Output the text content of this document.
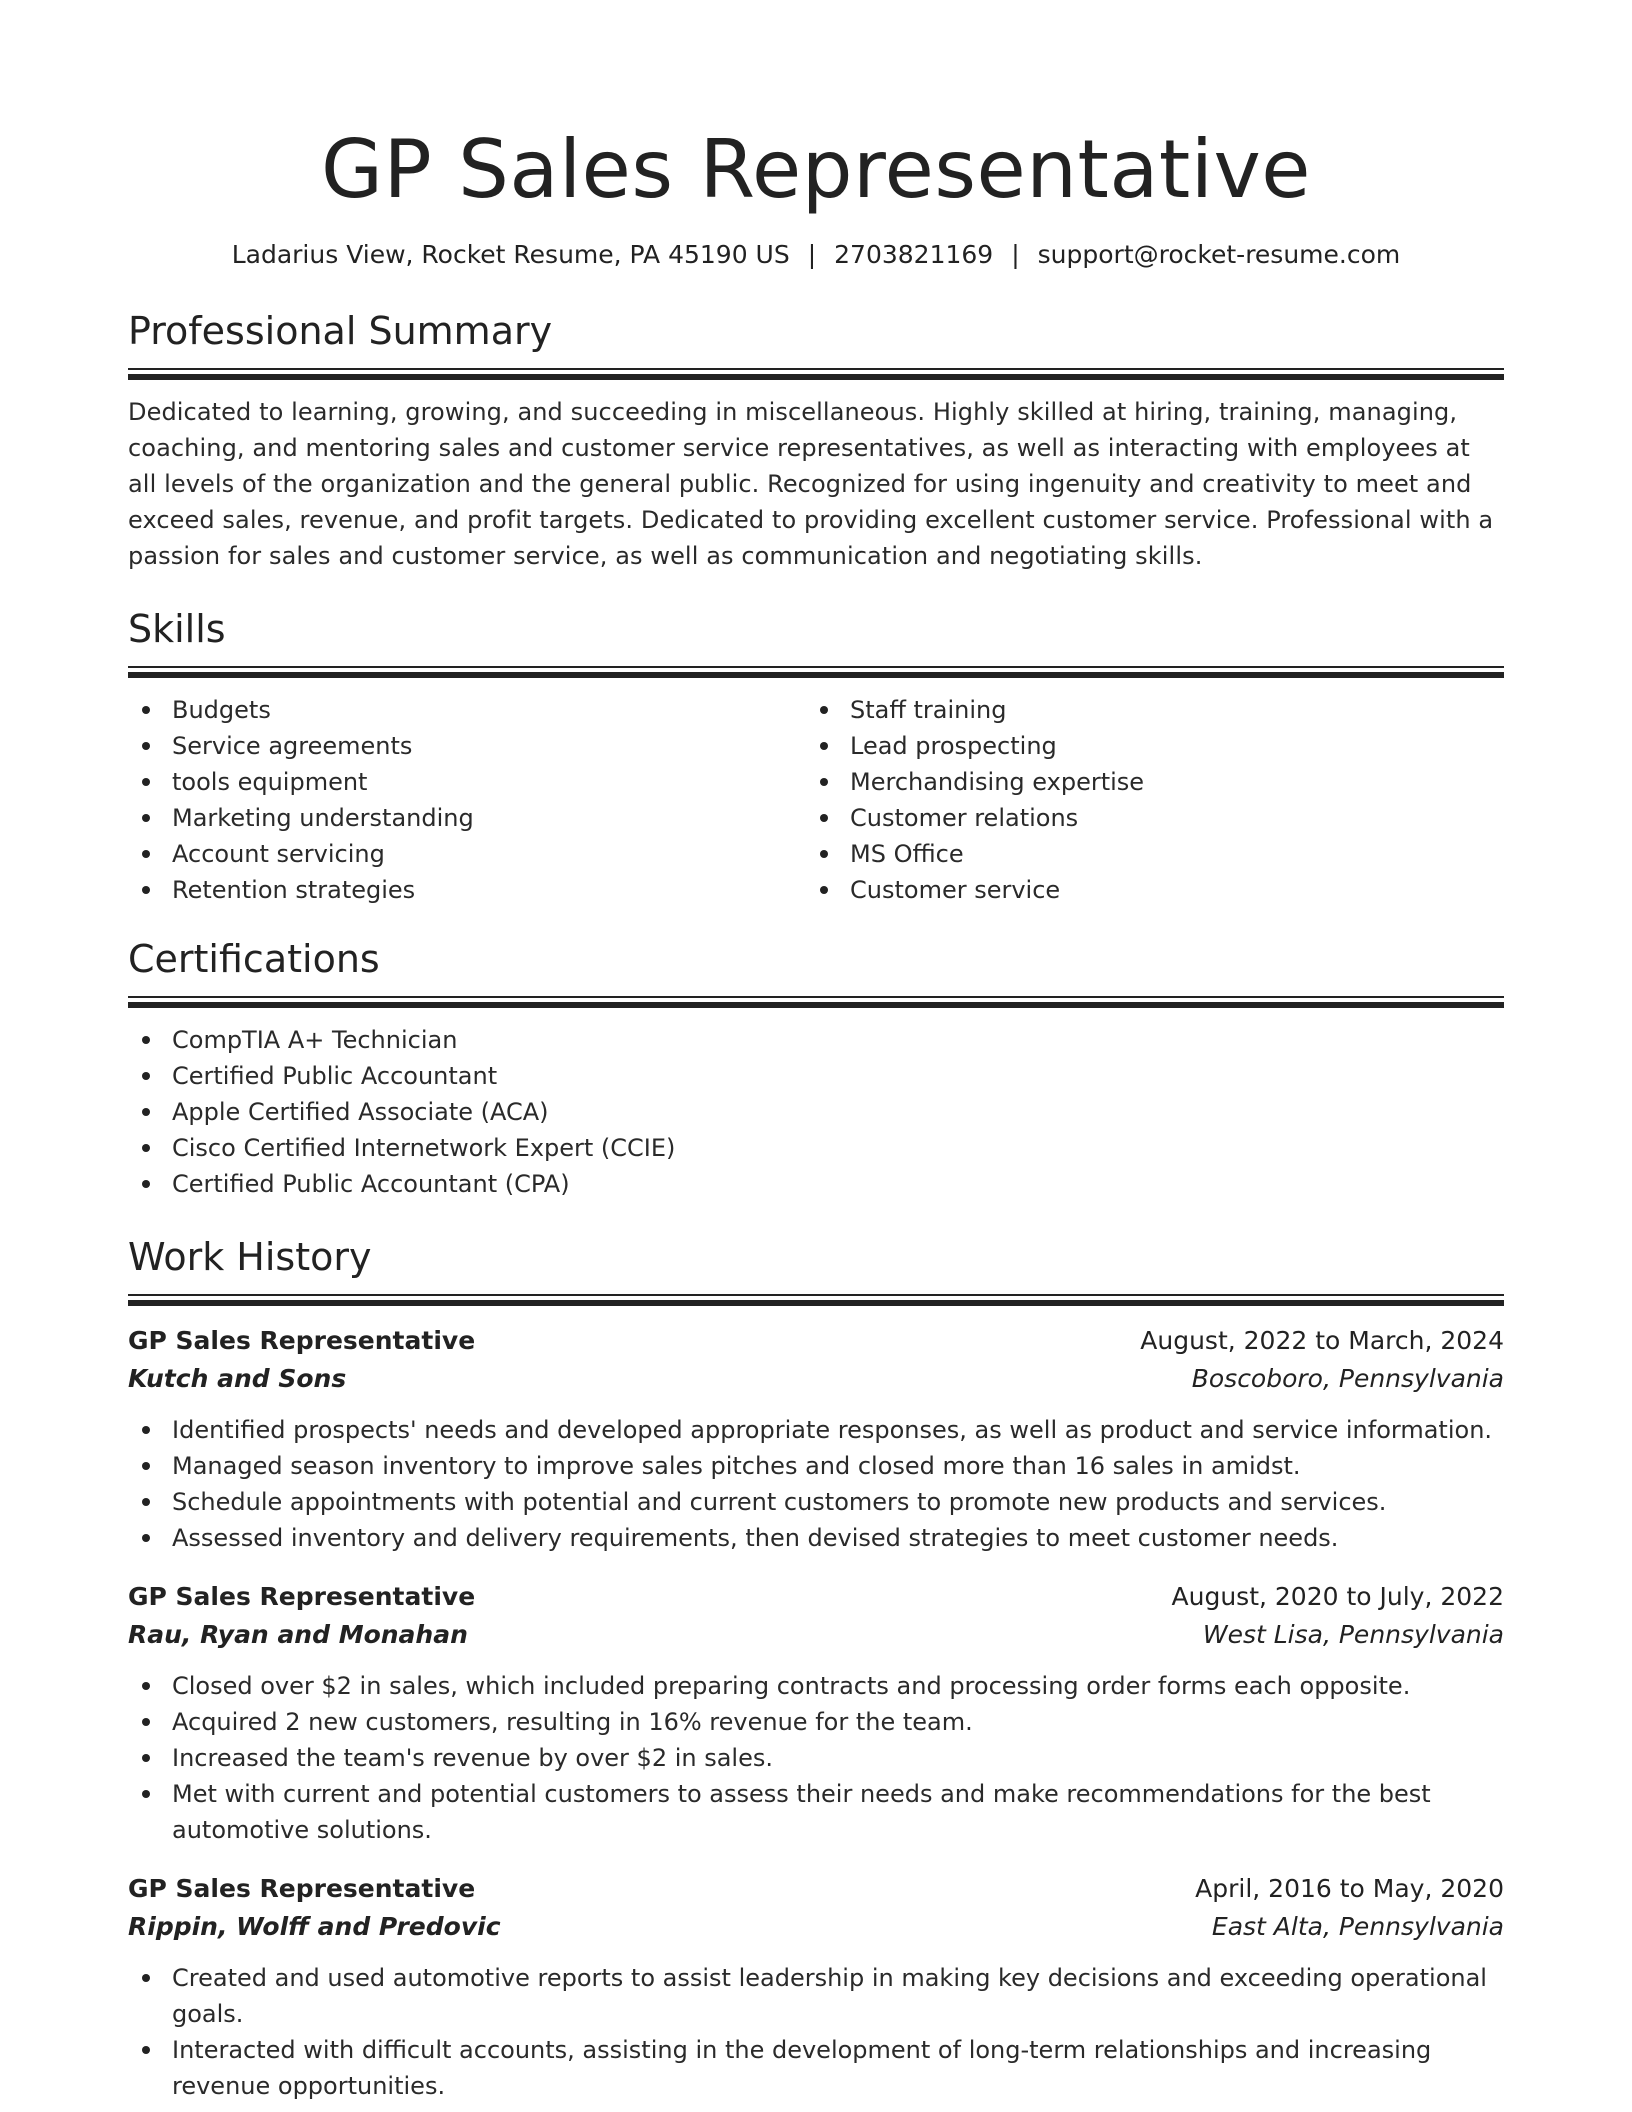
GP Sales Representative
Ladarius View, Rocket Resume, PA 45190 US | 2703821169 | support@rocket-resume.com
Professional Summary

Dedicated to learning, growing, and succeeding in miscellaneous. Highly skilled at hiring, training, managing, coaching, and mentoring sales and customer service representatives, as well as interacting with employees at all levels of the organization and the general public. Recognized for using ingenuity and creativity to meet and exceed sales, revenue, and profit targets. Dedicated to providing excellent customer service. Professional with a passion for sales and customer service, as well as communication and negotiating skills.

Skills
Budgets
Service agreements
tools equipment
Marketing understanding
Account servicing
Retention strategies
Staff training
Lead prospecting
Merchandising expertise
Customer relations
MS Office
Customer service
Certifications
CompTIA A+ Technician
Certified Public Accountant
Apple Certified Associate (ACA)
Cisco Certified Internetwork Expert (CCIE)
Certified Public Accountant (CPA)
Work History
GP Sales Representative	August, 2022 to March, 2024
Kutch and Sons	Boscoboro, Pennsylvania
Identified prospects' needs and developed appropriate responses, as well as product and service information.
Managed season inventory to improve sales pitches and closed more than 16 sales in amidst.
Schedule appointments with potential and current customers to promote new products and services.
Assessed inventory and delivery requirements, then devised strategies to meet customer needs.
GP Sales Representative	August, 2020 to July, 2022
Rau, Ryan and Monahan	West Lisa, Pennsylvania
Closed over $2 in sales, which included preparing contracts and processing order forms each opposite.
Acquired 2 new customers, resulting in 16% revenue for the team.
Increased the team's revenue by over $2 in sales.
Met with current and potential customers to assess their needs and make recommendations for the best automotive solutions.
GP Sales Representative	April, 2016 to May, 2020
Rippin, Wolff and Predovic	East Alta, Pennsylvania
Created and used automotive reports to assist leadership in making key decisions and exceeding operational goals.
Interacted with difficult accounts, assisting in the development of long-term relationships and increasing revenue opportunities.
